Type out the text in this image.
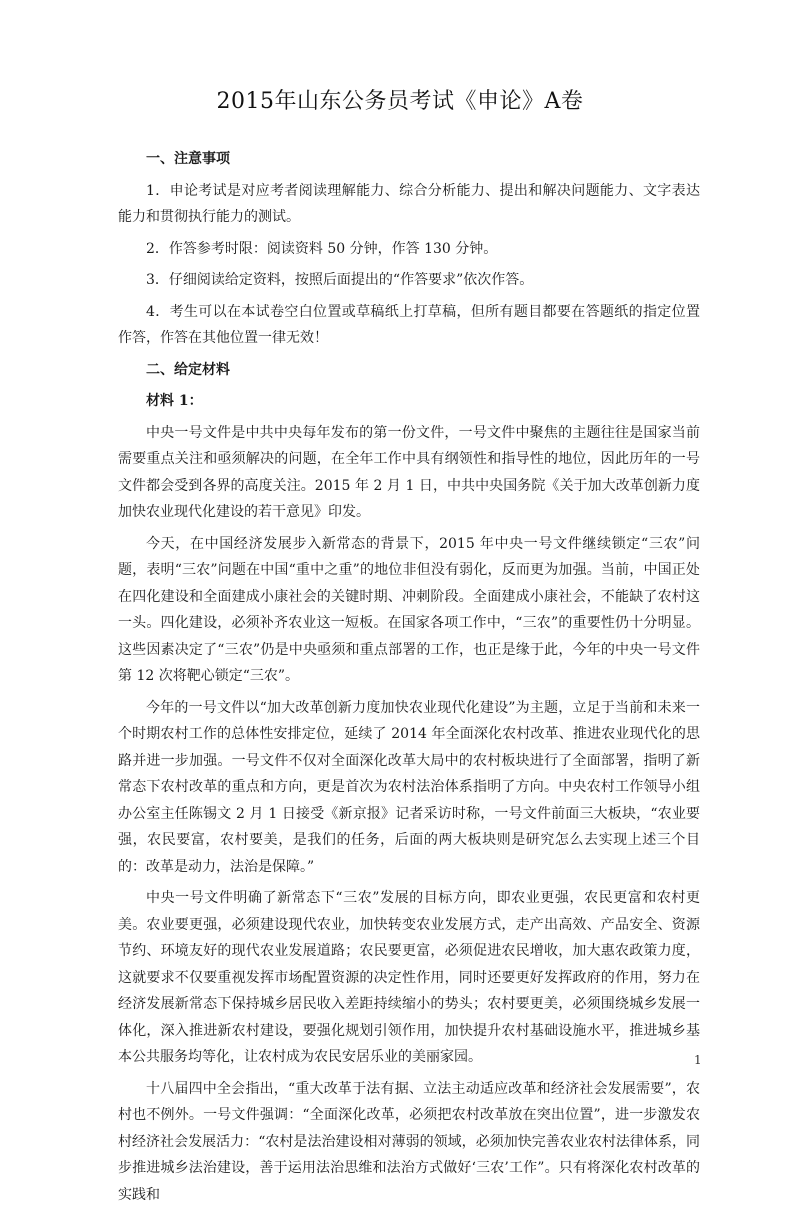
2015年山东公务员考试《申论》A卷

一、注意事项

1．申论考试是对应考者阅读理解能力、综合分析能力、提出和解决问题能力、文字表达能力和贯彻执行能力的测试。

2．作答参考时限：阅读资料 50 分钟，作答 130 分钟。

3．仔细阅读给定资料，按照后面提出的“作答要求”依次作答。

4．考生可以在本试卷空白位置或草稿纸上打草稿，但所有题目都要在答题纸的指定位置作答，作答在其他位置一律无效！

二、给定材料

材料 1：

中央一号文件是中共中央每年发布的第一份文件，一号文件中聚焦的主题往往是国家当前需要重点关注和亟须解决的问题，在全年工作中具有纲领性和指导性的地位，因此历年的一号文件都会受到各界的高度关注。2015 年 2 月 1 日，中共中央国务院《关于加大改革创新力度加快农业现代化建设的若干意见》印发。

今天，在中国经济发展步入新常态的背景下，2015 年中央一号文件继续锁定“三农”问题，表明“三农”问题在中国“重中之重”的地位非但没有弱化，反而更为加强。当前，中国正处在四化建设和全面建成小康社会的关键时期、冲刺阶段。全面建成小康社会，不能缺了农村这一头。四化建设，必须补齐农业这一短板。在国家各项工作中，“三农”的重要性仍十分明显。这些因素决定了“三农”仍是中央亟须和重点部署的工作，也正是缘于此，今年的中央一号文件第 12 次将靶心锁定“三农”。

今年的一号文件以“加大改革创新力度加快农业现代化建设”为主题，立足于当前和未来一个时期农村工作的总体性安排定位，延续了 2014 年全面深化农村改革、推进农业现代化的思路并进一步加强。一号文件不仅对全面深化改革大局中的农村板块进行了全面部署，指明了新常态下农村改革的重点和方向，更是首次为农村法治体系指明了方向。中央农村工作领导小组办公室主任陈锡文 2 月 1 日接受《新京报》记者采访时称，一号文件前面三大板块，“农业要强，农民要富，农村要美，是我们的任务，后面的两大板块则是研究怎么去实现上述三个目的：改革是动力，法治是保障。”

中央一号文件明确了新常态下“三农”发展的目标方向，即农业更强，农民更富和农村更美。农业要更强，必须建设现代农业，加快转变农业发展方式，走产出高效、产品安全、资源节约、环境友好的现代农业发展道路；农民要更富，必须促进农民增收，加大惠农政策力度，这就要求不仅要重视发挥市场配置资源的决定性作用，同时还要更好发挥政府的作用，努力在经济发展新常态下保持城乡居民收入差距持续缩小的势头；农村要更美，必须围绕城乡发展一体化，深入推进新农村建设，要强化规划引领作用，加快提升农村基础设施水平，推进城乡基本公共服务均等化，让农村成为农民安居乐业的美丽家园。

十八届四中全会指出，“重大改革于法有据、立法主动适应改革和经济社会发展需要”，农村也不例外。一号文件强调：“全面深化改革，必须把农村改革放在突出位置”，进一步激发农村经济社会发展活力：“农村是法治建设相对薄弱的领域，必须加快完善农业农村法律体系，同步推进城乡法治建设，善于运用法治思维和法治方式做好‘三农’工作”。只有将深化农村改革的实践和

1
